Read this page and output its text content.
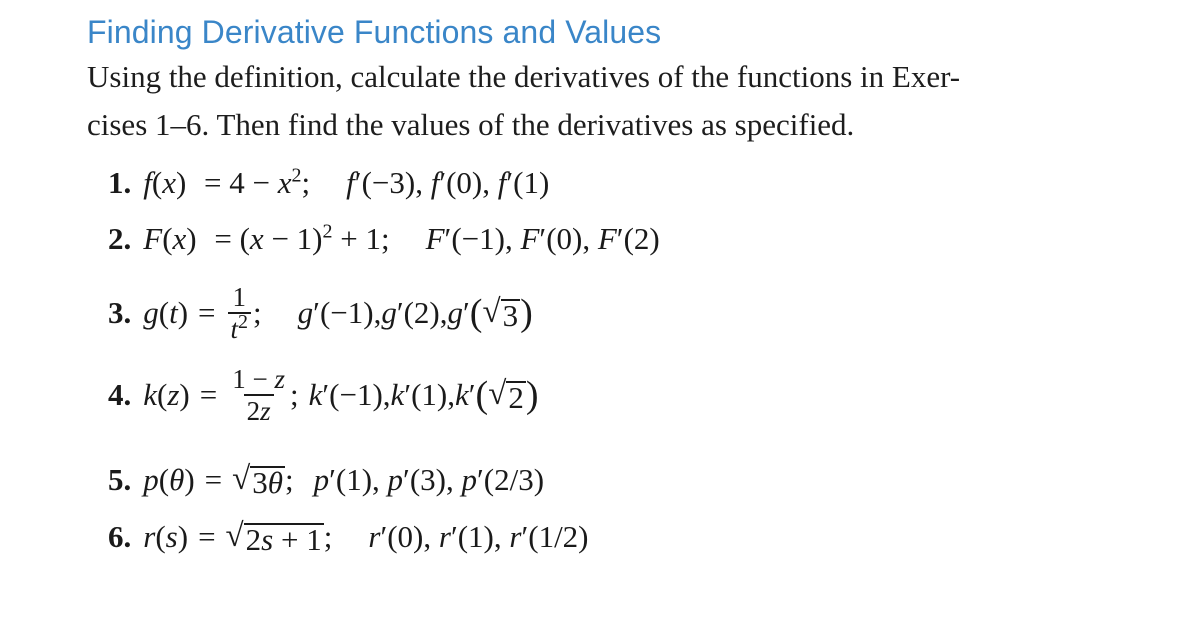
Finding Derivative Functions and Values
Using the definition, calculate the derivatives of the functions in Exer-
cises 1–6. Then find the values of the derivatives as specified.
1. $f(x) = 4 - x^2$; f′(−3), f′(0), f′(1)
2. $F(x) = (x - 1)^2 + 1$; F′(−1), F′(0), F′(2)
3. g ( t )
= $\frac{1}{t^2}$ ; g ′(−1), g ′(2), g ′ ( √ 3 )
4. k ( z )
= $\frac{1 - z}{2z}$ ; k ′(−1), k ′(1), k ′ ( √ 2 )
5. p ( θ )
= √ 3θ ; p′(1), p′(3), p′(2/3)
6. r ( s )
= √ 2s + 1 ; r′(0), r′(1), r′(1/2)
